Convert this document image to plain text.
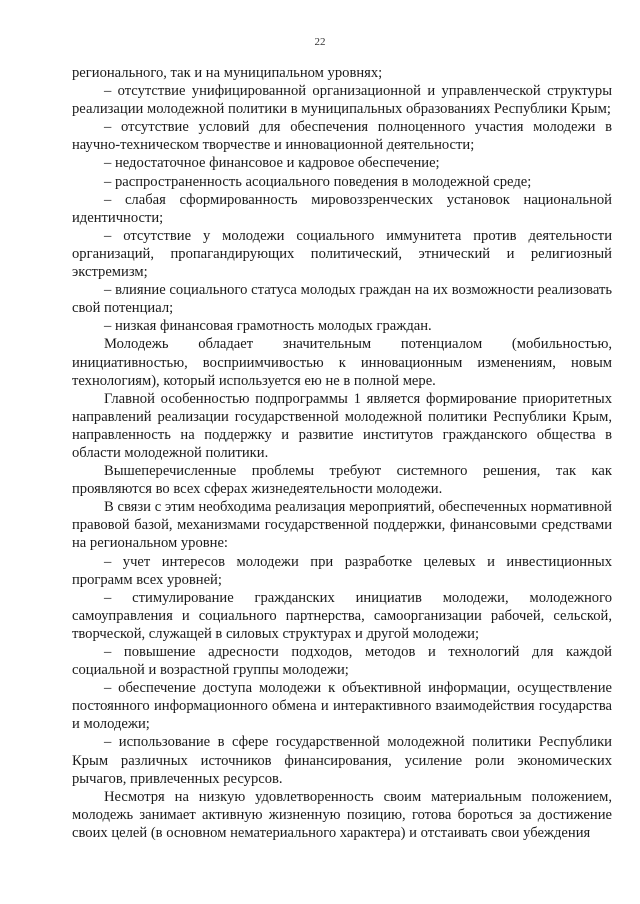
22

регионального, так и на муниципальном уровнях;

– отсутствие унифицированной организационной и управленческой структуры реализации молодежной политики в муниципальных образованиях Республики Крым;

– отсутствие условий для обеспечения полноценного участия молодежи в научно-техническом творчестве и инновационной деятельности;

– недостаточное финансовое и кадровое обеспечение;

– распространенность асоциального поведения в молодежной среде;

– слабая сформированность мировоззренческих установок национальной идентичности;

– отсутствие у молодежи социального иммунитета против деятельности организаций, пропагандирующих политический, этнический и религиозный экстремизм;

– влияние социального статуса молодых граждан на их возможности реализовать свой потенциал;

– низкая финансовая грамотность молодых граждан.

Молодежь обладает значительным потенциалом (мобильностью, инициативностью, восприимчивостью к инновационным изменениям, новым технологиям), который используется ею не в полной мере.

Главной особенностью подпрограммы 1 является формирование приоритетных направлений реализации государственной молодежной политики Республики Крым, направленность на поддержку и развитие институтов гражданского общества в области молодежной политики.

Вышеперечисленные проблемы требуют системного решения, так как проявляются во всех сферах жизнедеятельности молодежи.

В связи с этим необходима реализация мероприятий, обеспеченных нормативной правовой базой, механизмами государственной поддержки, финансовыми средствами на региональном уровне:

– учет интересов молодежи при разработке целевых и инвестиционных программ всех уровней;

– стимулирование гражданских инициатив молодежи, молодежного самоуправления и социального партнерства, самоорганизации рабочей, сельской, творческой, служащей в силовых структурах и другой молодежи;

– повышение адресности подходов, методов и технологий для каждой социальной и возрастной группы молодежи;

– обеспечение доступа молодежи к объективной информации, осуществление постоянного информационного обмена и интерактивного взаимодействия государства и молодежи;

– использование в сфере государственной молодежной политики Республики Крым различных источников финансирования, усиление роли экономических рычагов, привлеченных ресурсов.

Несмотря на низкую удовлетворенность своим материальным положением, молодежь занимает активную жизненную позицию, готова бороться за достижение своих целей (в основном нематериального характера) и отстаивать свои убеждения
